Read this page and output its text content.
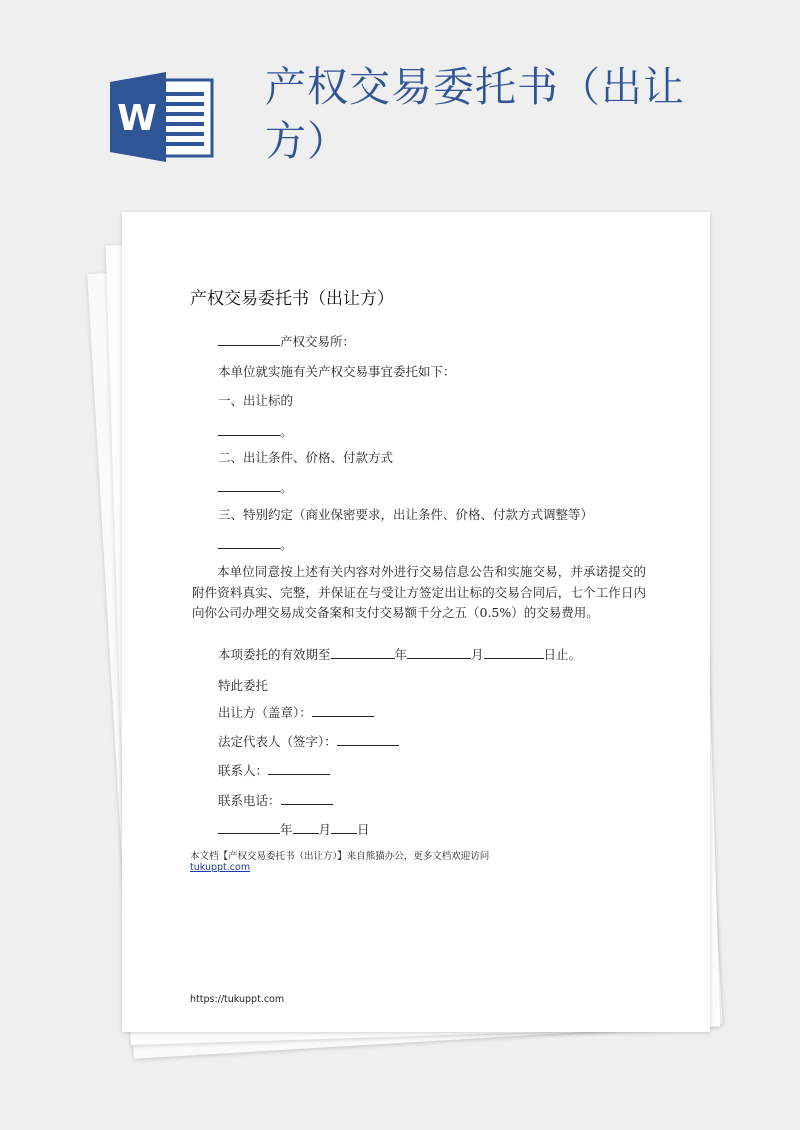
产权交易委托书（出让方）
W
产权交易委托书（出让方）
产权交易所：
本单位就实施有关产权交易事宜委托如下：
一、出让标的
。
二、出让条件、价格、付款方式
。
三、特别约定（商业保密要求，出让条件、价格、付款方式调整等）
。
本单位同意按上述有关内容对外进行交易信息公告和实施交易，并承诺提交的附件资料真实、完整，并保证在与受让方签定出让标的交易合同后，七个工作日内向你公司办理交易成交备案和支付交易额千分之五（0.5%）的交易费用。
本项委托的有效期至	年	月	日止。
特此委托
出让方（盖章）：
法定代表人（签字）：
联系人：
联系电话：
年 月 日
本文档【产权交易委托书（出让方）】来自熊猫办公，更多文档欢迎访问
tukuppt.com
https://tukuppt.com
